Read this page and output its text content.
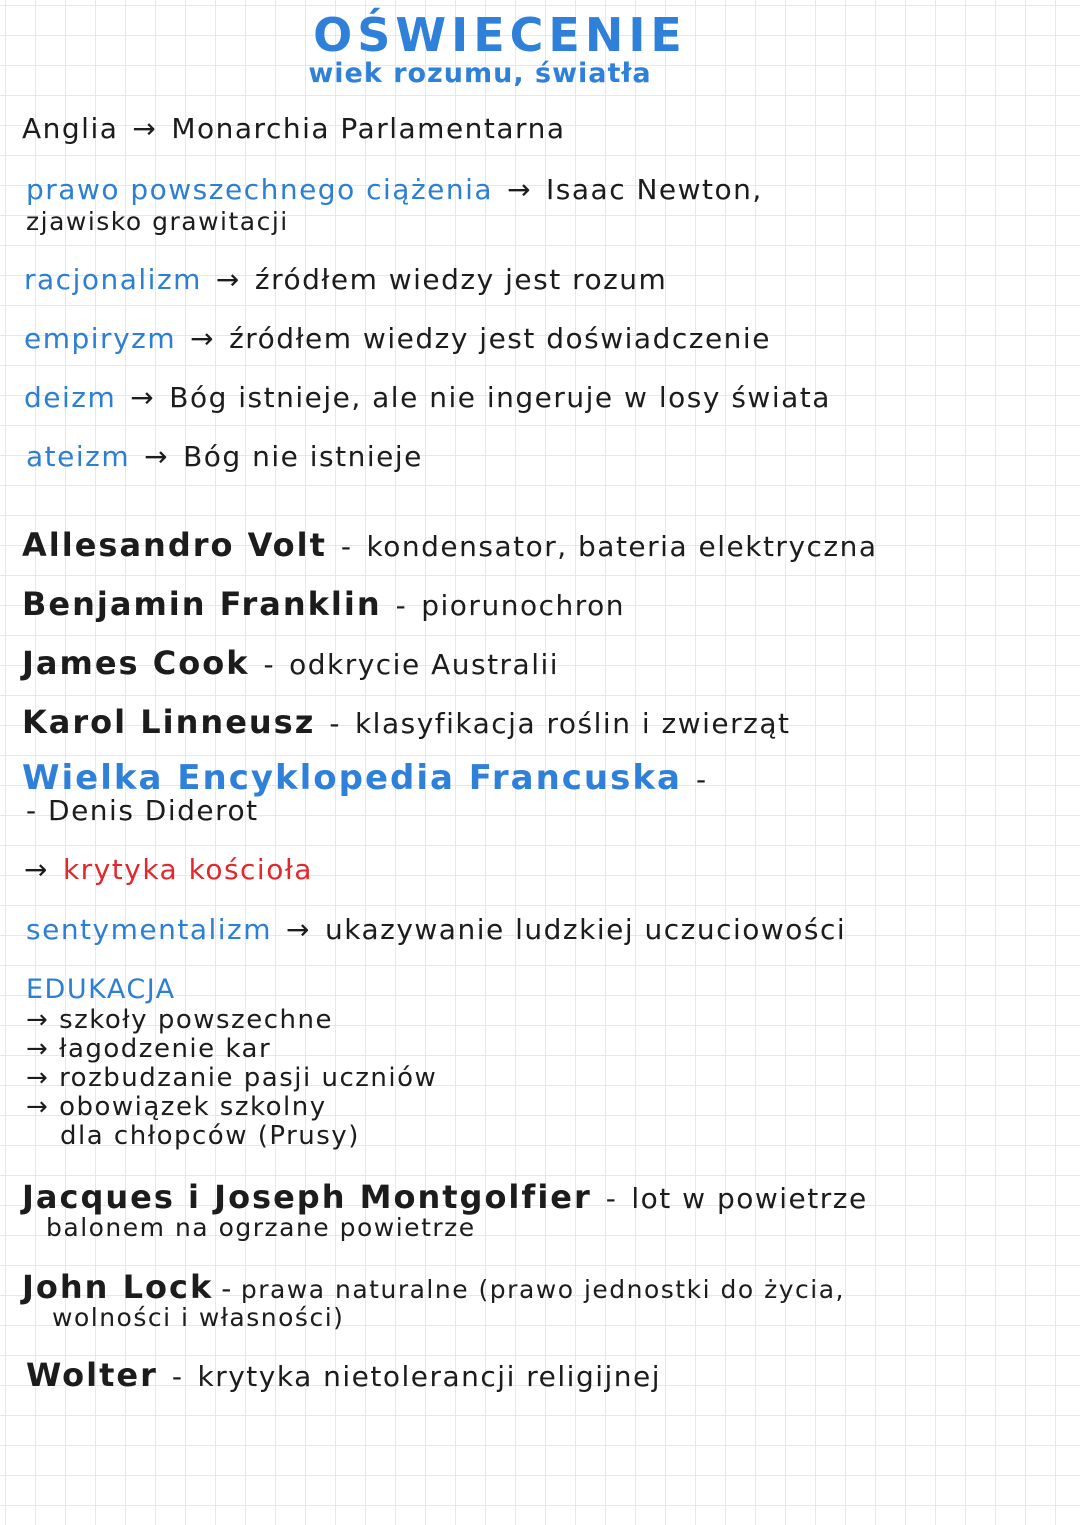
OŚWIECENIE
wiek rozumu, światła
Anglia → Monarchia Parlamentarna
prawo powszechnego ciążenia → Isaac Newton,
zjawisko grawitacji
racjonalizm → źródłem wiedzy jest rozum
empiryzm → źródłem wiedzy jest doświadczenie
deizm → Bóg istnieje, ale nie ingeruje w losy świata
ateizm → Bóg nie istnieje
Allesandro Volt - kondensator, bateria elektryczna
Benjamin Franklin - piorunochron
James Cook - odkrycie Australii
Karol Linneusz - klasyfikacja roślin i zwierząt
Wielka Encyklopedia Francuska -
- Denis Diderot
→ krytyka kościoła
sentymentalizm → ukazywanie ludzkiej uczuciowości
EDUKACJA
→ szkoły powszechne
→ łagodzenie kar
→ rozbudzanie pasji uczniów
→ obowiązek szkolny
dla chłopców (Prusy)
Jacques i Joseph Montgolfier - lot w powietrze
balonem na ogrzane powietrze
John Lock - prawa naturalne (prawo jednostki do życia,
wolności i własności)
Wolter - krytyka nietolerancji religijnej
